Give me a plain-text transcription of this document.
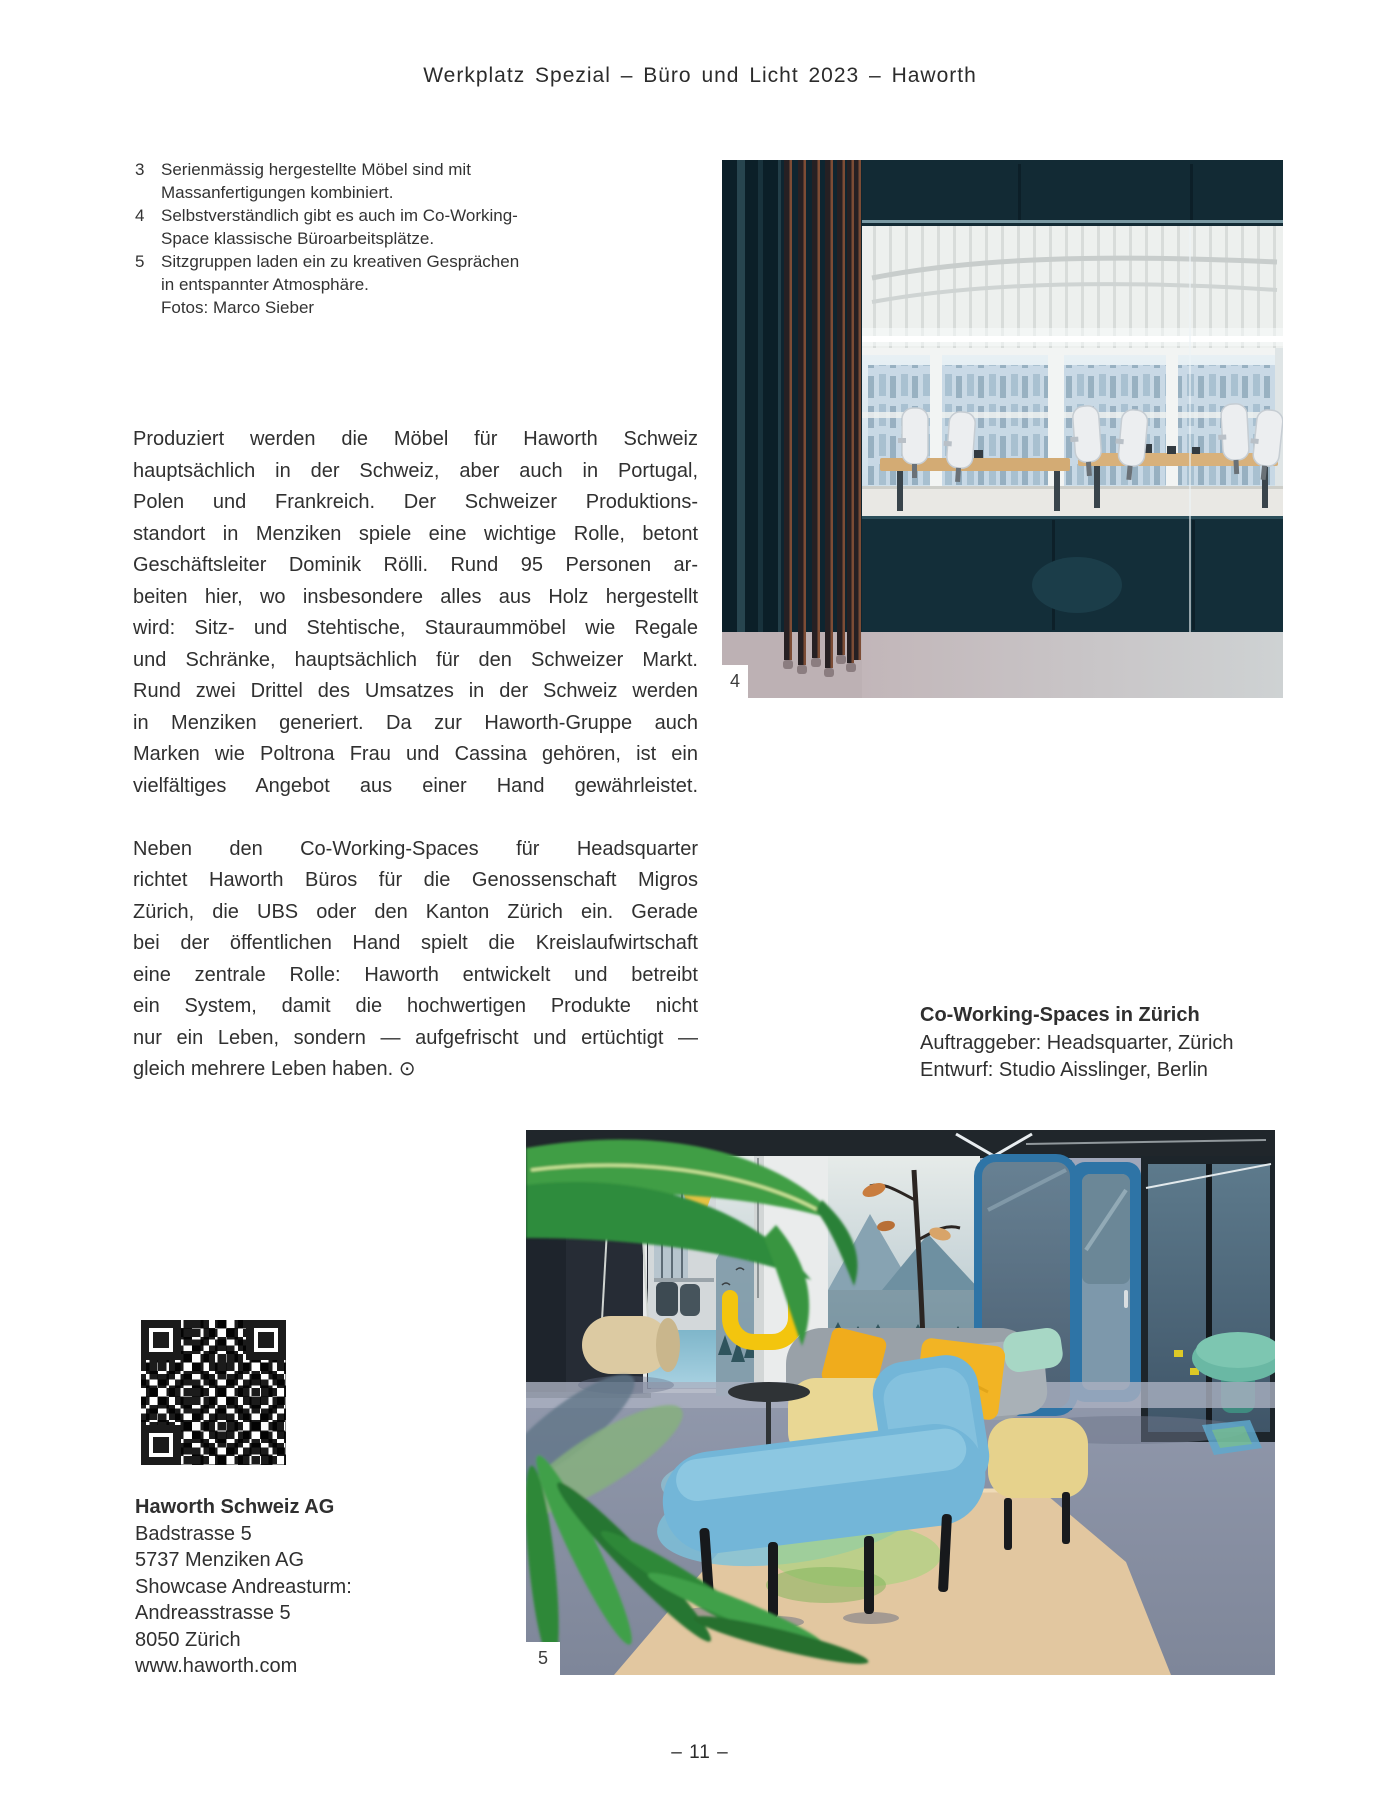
Werkplatz Spezial – Büro und Licht 2023 – Haworth
3 Serienmässig hergestellte Möbel sind mit
Massanfertigungen kombiniert.
4 Selbstverständlich gibt es auch im Co-Working-
Space klassische Büroarbeitsplätze.
5 Sitzgruppen laden ein zu kreativen Gesprächen
in entspannter Atmosphäre.
Fotos: Marco Sieber
Produziert werden die Möbel für Haworth Schweiz
hauptsächlich in der Schweiz, aber auch in Portugal,
Polen und Frankreich. Der Schweizer Produktions-
standort in Menziken spiele eine wichtige Rolle, betont
Geschäftsleiter Dominik Rölli. Rund 95 Personen ar-
beiten hier, wo insbesondere alles aus Holz hergestellt
wird: Sitz- und Stehtische, Stauraummöbel wie Regale
und Schränke, hauptsächlich für den Schweizer Markt.
Rund zwei Drittel des Umsatzes in der Schweiz werden
in Menziken generiert. Da zur Haworth-Gruppe auch
Marken wie Poltrona Frau und Cassina gehören, ist ein
vielfältiges Angebot aus einer Hand gewährleistet.
Neben den Co-Working-Spaces für Headsquarter
richtet Haworth Büros für die Genossenschaft Migros
Zürich, die UBS oder den Kanton Zürich ein. Gerade
bei der öffentlichen Hand spielt die Kreislaufwirtschaft
eine zentrale Rolle: Haworth entwickelt und betreibt
ein System, damit die hochwertigen Produkte nicht
nur ein Leben, sondern — aufgefrischt und ertüchtigt —
gleich mehrere Leben haben. ⊙
4
Co-Working-Spaces in Zürich
Auftraggeber: Headsquarter, Zürich
Entwurf: Studio Aisslinger, Berlin
5
Haworth Schweiz AG
Badstrasse 5
5737 Menziken AG
Showcase Andreasturm:
Andreasstrasse 5
8050 Zürich
www.haworth.com
– 11 –
